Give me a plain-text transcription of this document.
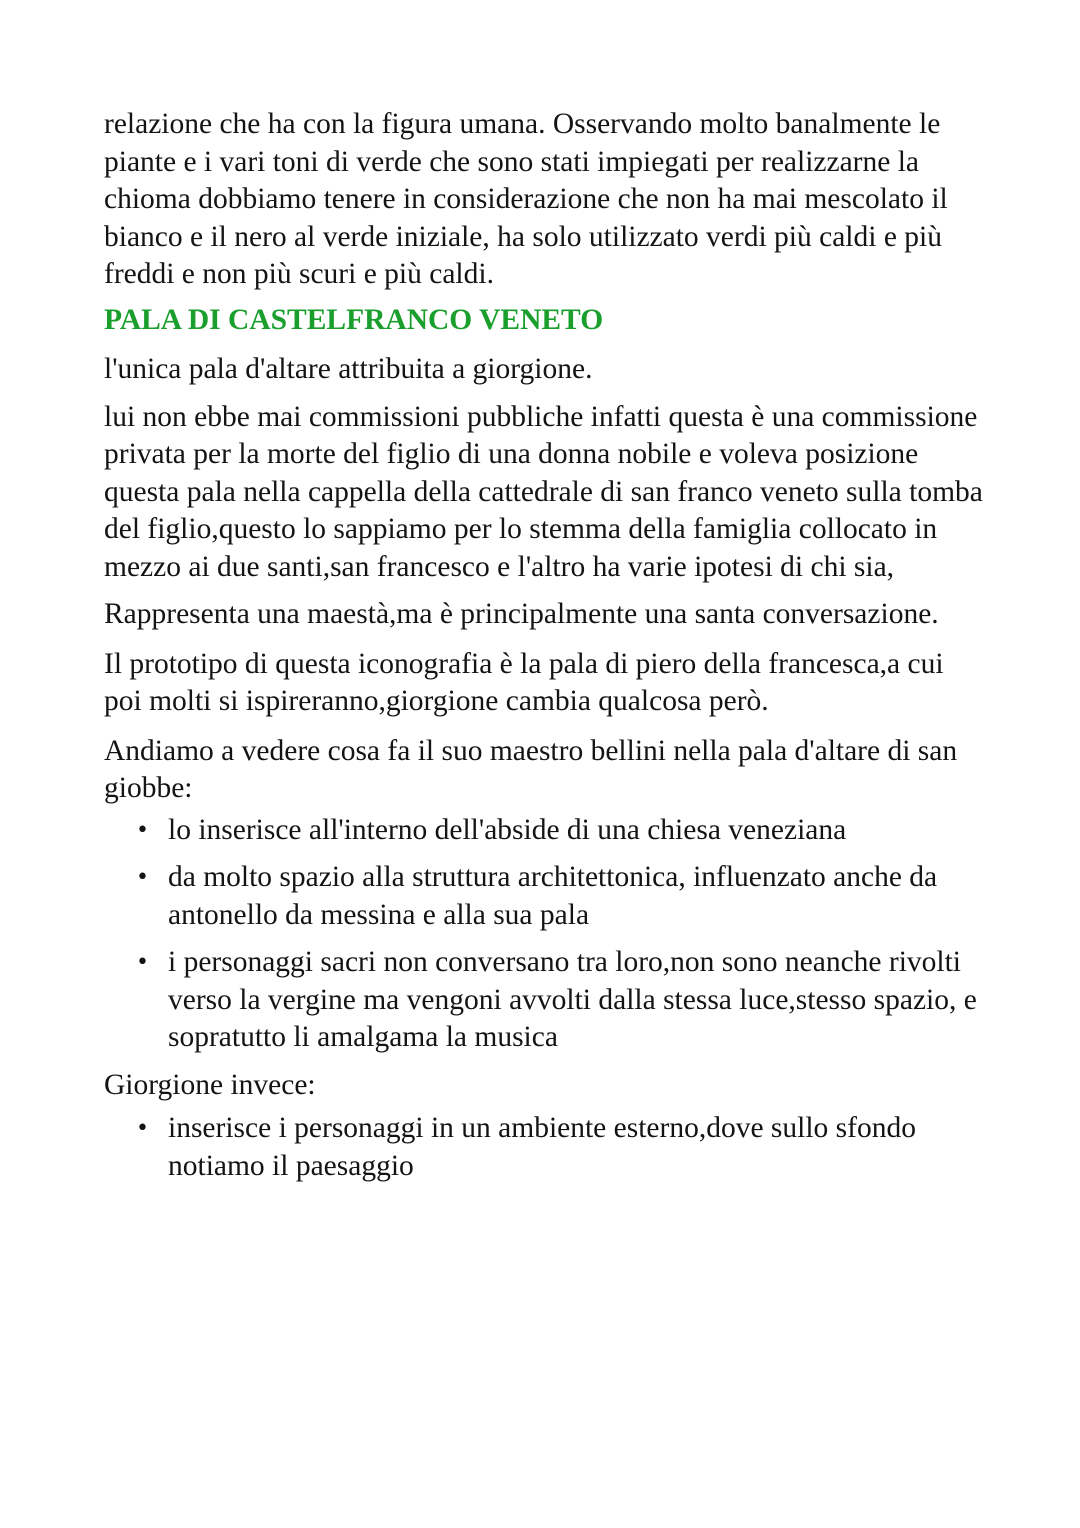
relazione che ha con la figura umana. Osservando molto banalmente le piante e i vari toni di verde che sono stati impiegati per realizzarne la chioma dobbiamo tenere in considerazione che non ha mai mescolato il bianco e il nero al verde iniziale, ha solo utilizzato verdi più caldi e più freddi e non più scuri e più caldi.

PALA DI CASTELFRANCO VENETO

l'unica pala d'altare attribuita a giorgione.

lui non ebbe mai commissioni pubbliche infatti questa è una commissione privata per la morte del figlio di una donna nobile e voleva posizione questa pala nella cappella della cattedrale di san franco veneto sulla tomba del figlio,questo lo sappiamo per lo stemma della famiglia collocato in mezzo ai due santi,san francesco e l'altro ha varie ipotesi di chi sia,

Rappresenta una maestà,ma è principalmente una santa conversazione.

Il prototipo di questa iconografia è la pala di piero della francesca,a cui poi molti si ispireranno,giorgione cambia qualcosa però.

Andiamo a vedere cosa fa il suo maestro bellini nella pala d'altare di san giobbe:

• lo inserisce all'interno dell'abside di una chiesa veneziana
• da molto spazio alla struttura architettonica, influenzato anche da antonello da messina e alla sua pala
• i personaggi sacri non conversano tra loro,non sono neanche rivolti verso la vergine ma vengoni avvolti dalla stessa luce,stesso spazio, e sopratutto li amalgama la musica

Giorgione invece:

• inserisce i personaggi in un ambiente esterno,dove sullo sfondo notiamo il paesaggio
